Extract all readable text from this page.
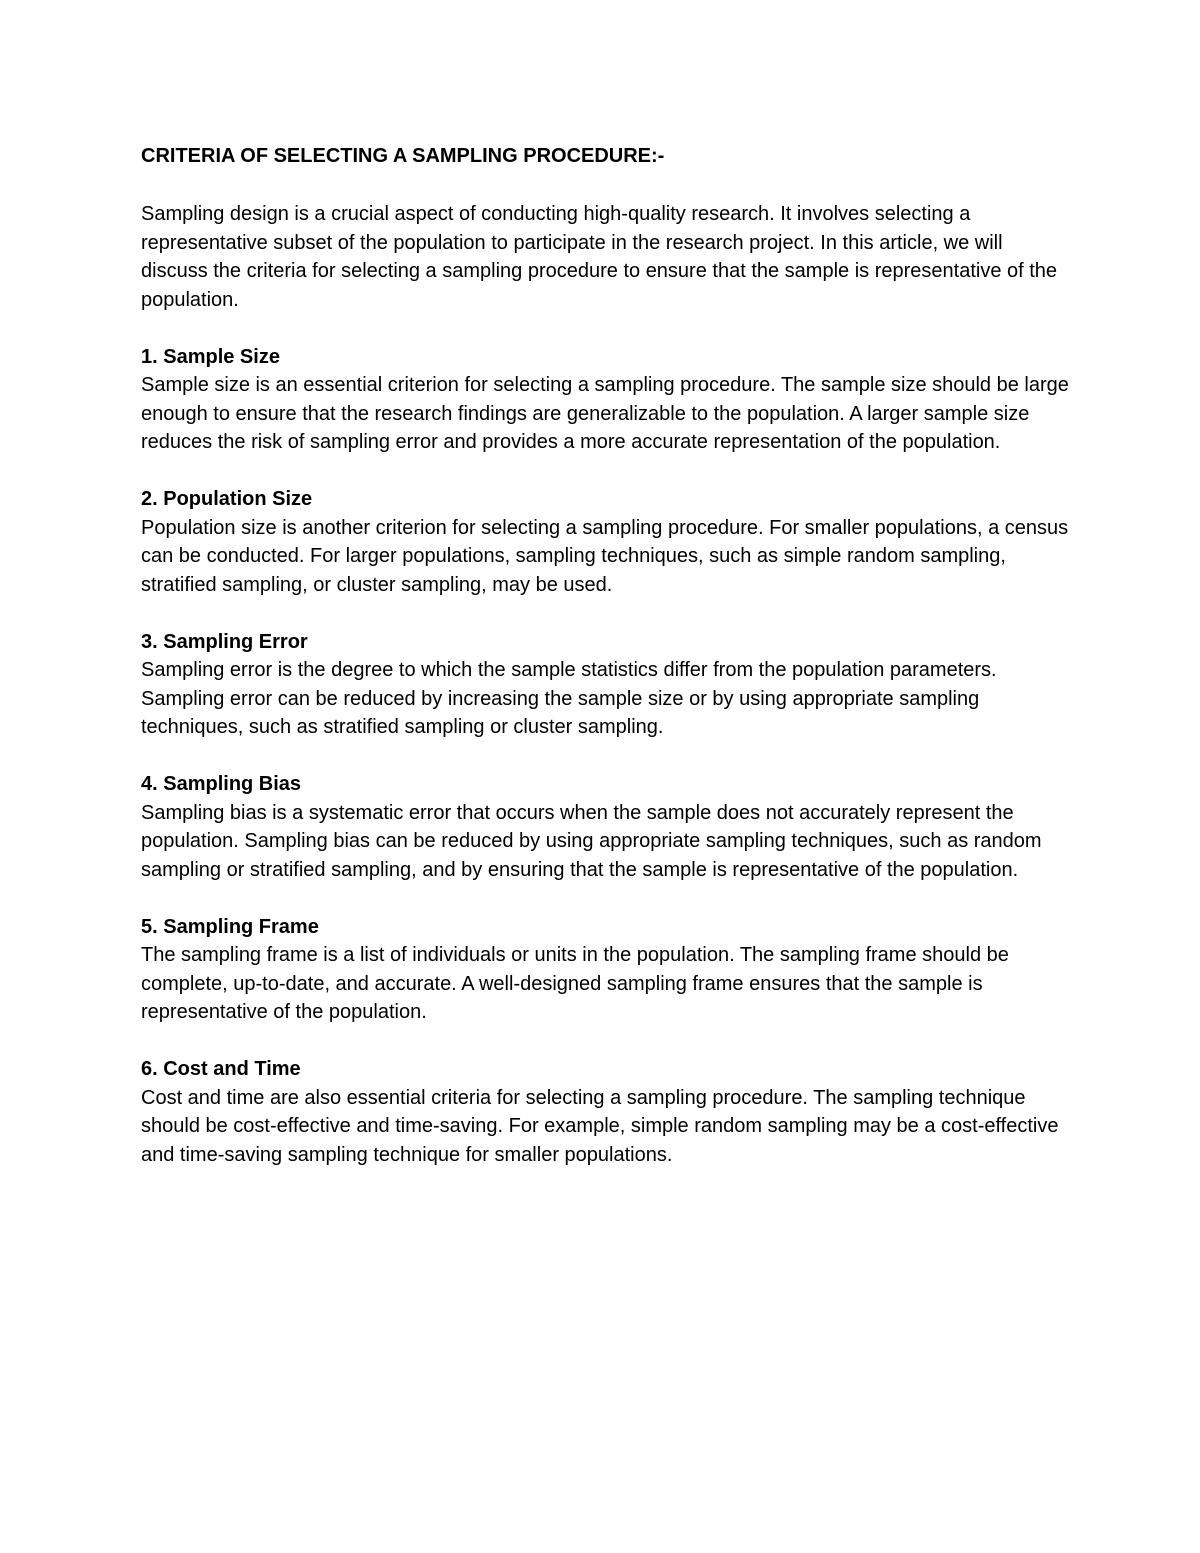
CRITERIA OF SELECTING A SAMPLING PROCEDURE:-

Sampling design is a crucial aspect of conducting high-quality research. It involves selecting a representative subset of the population to participate in the research project. In this article, we will discuss the criteria for selecting a sampling procedure to ensure that the sample is representative of the population.

1. Sample Size

Sample size is an essential criterion for selecting a sampling procedure. The sample size should be large enough to ensure that the research findings are generalizable to the population. A larger sample size reduces the risk of sampling error and provides a more accurate representation of the population.

2. Population Size

Population size is another criterion for selecting a sampling procedure. For smaller populations, a census can be conducted. For larger populations, sampling techniques, such as simple random sampling, stratified sampling, or cluster sampling, may be used.

3. Sampling Error

Sampling error is the degree to which the sample statistics differ from the population parameters. Sampling error can be reduced by increasing the sample size or by using appropriate sampling techniques, such as stratified sampling or cluster sampling.

4. Sampling Bias

Sampling bias is a systematic error that occurs when the sample does not accurately represent the population. Sampling bias can be reduced by using appropriate sampling techniques, such as random sampling or stratified sampling, and by ensuring that the sample is representative of the population.

5. Sampling Frame

The sampling frame is a list of individuals or units in the population. The sampling frame should be complete, up-to-date, and accurate. A well-designed sampling frame ensures that the sample is representative of the population.

6. Cost and Time

Cost and time are also essential criteria for selecting a sampling procedure. The sampling technique should be cost-effective and time-saving. For example, simple random sampling may be a cost-effective and time-saving sampling technique for smaller populations.
